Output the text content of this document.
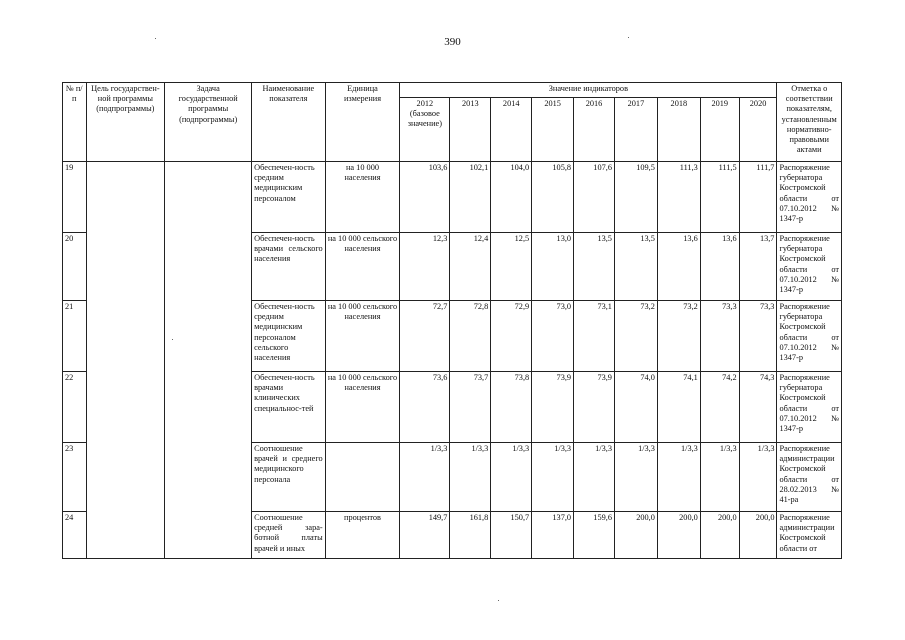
390
№ п/п	Цель государствен-ной программы (подпрограммы)	Задача государственной программы (подпрограммы)	Наименование показателя	Единица измерения	Значение индикаторов									Отметка о соответствии показателям, установленным нормативно-правовыми актами
					2012 (базовое значение)	2013	2014	2015	2016	2017	2018	2019	2020	
19			Обеспечен-ность средним медицинским персоналом	на 10 000 населения	103,6	102,1	104,0	105,8	107,6	109,5	111,3	111,5	111,7	Распоряжение губернатора Костромской области от 07.10.2012 № 1347-р
20			Обеспечен-ность врачами сельского населения	на 10 000 сельского населения	12,3	12,4	12,5	13,0	13,5	13,5	13,6	13,6	13,7	Распоряжение губернатора Костромской области от 07.10.2012 № 1347-р
21			Обеспечен-ность средним медицинским персоналом сельского населения	на 10 000 сельского населения	72,7	72,8	72,9	73,0	73,1	73,2	73,2	73,3	73,3	Распоряжение губернатора Костромской области от 07.10.2012 № 1347-р
22			Обеспечен-ность врачами клинических специальнос-тей	на 10 000 сельского населения	73,6	73,7	73,8	73,9	73,9	74,0	74,1	74,2	74,3	Распоряжение губернатора Костромской области от 07.10.2012 № 1347-р
23			Соотношение врачей и среднего медицинского персонала		1/3,3	1/3,3	1/3,3	1/3,3	1/3,3	1/3,3	1/3,3	1/3,3	1/3,3	Распоряжение администрации Костромской области от 28.02.2013 № 41-ра
24			Соотношение средней зара-ботной платы врачей и иных	процентов	149,7	161,8	150,7	137,0	159,6	200,0	200,0	200,0	200,0	Распоряжение администрации Костромской области от
